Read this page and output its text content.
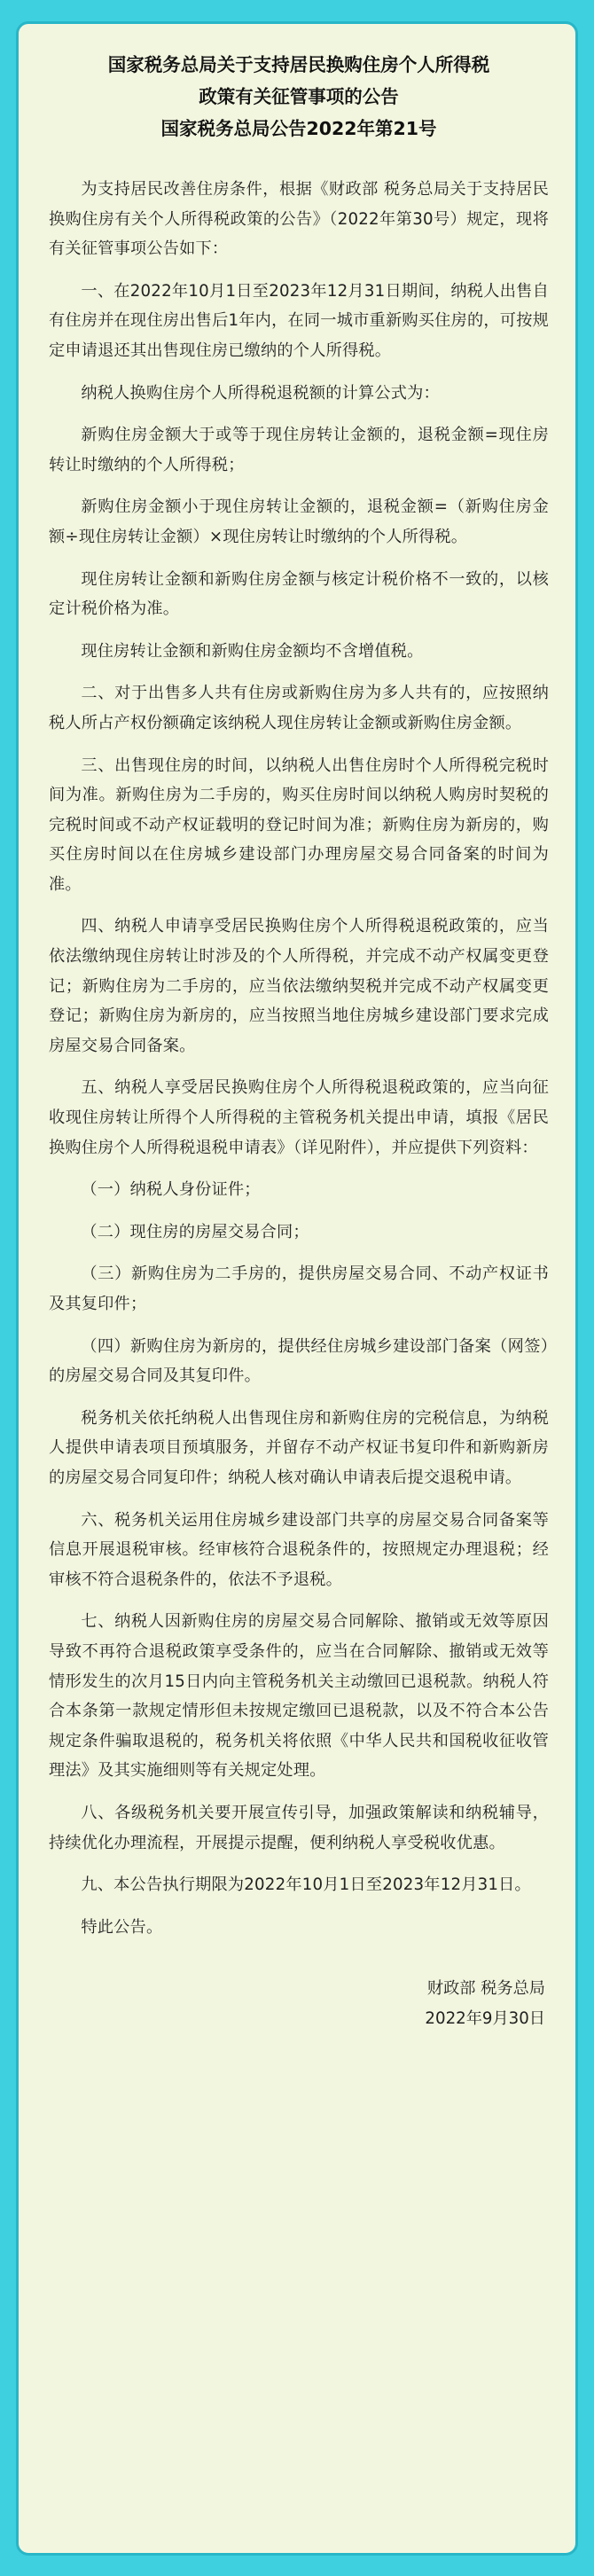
国家税务总局关于支持居民换购住房个人所得税
政策有关征管事项的公告
国家税务总局公告2022年第21号

为支持居民改善住房条件，根据《财政部 税务总局关于支持居民换购住房有关个人所得税政策的公告》（2022年第30号）规定，现将有关征管事项公告如下：

一、在2022年10月1日至2023年12月31日期间，纳税人出售自有住房并在现住房出售后1年内，在同一城市重新购买住房的，可按规定申请退还其出售现住房已缴纳的个人所得税。

纳税人换购住房个人所得税退税额的计算公式为：

新购住房金额大于或等于现住房转让金额的，退税金额=现住房转让时缴纳的个人所得税；

新购住房金额小于现住房转让金额的，退税金额=（新购住房金额÷现住房转让金额）×现住房转让时缴纳的个人所得税。

现住房转让金额和新购住房金额与核定计税价格不一致的，以核定计税价格为准。

现住房转让金额和新购住房金额均不含增值税。

二、对于出售多人共有住房或新购住房为多人共有的，应按照纳税人所占产权份额确定该纳税人现住房转让金额或新购住房金额。

三、出售现住房的时间，以纳税人出售住房时个人所得税完税时间为准。新购住房为二手房的，购买住房时间以纳税人购房时契税的完税时间或不动产权证载明的登记时间为准；新购住房为新房的，购买住房时间以在住房城乡建设部门办理房屋交易合同备案的时间为准。

四、纳税人申请享受居民换购住房个人所得税退税政策的，应当依法缴纳现住房转让时涉及的个人所得税，并完成不动产权属变更登记；新购住房为二手房的，应当依法缴纳契税并完成不动产权属变更登记；新购住房为新房的，应当按照当地住房城乡建设部门要求完成房屋交易合同备案。

五、纳税人享受居民换购住房个人所得税退税政策的，应当向征收现住房转让所得个人所得税的主管税务机关提出申请，填报《居民换购住房个人所得税退税申请表》（详见附件），并应提供下列资料：

（一）纳税人身份证件；

（二）现住房的房屋交易合同；

（三）新购住房为二手房的，提供房屋交易合同、不动产权证书及其复印件；

（四）新购住房为新房的，提供经住房城乡建设部门备案（网签）的房屋交易合同及其复印件。

税务机关依托纳税人出售现住房和新购住房的完税信息，为纳税人提供申请表项目预填服务，并留存不动产权证书复印件和新购新房的房屋交易合同复印件；纳税人核对确认申请表后提交退税申请。

六、税务机关运用住房城乡建设部门共享的房屋交易合同备案等信息开展退税审核。经审核符合退税条件的，按照规定办理退税；经审核不符合退税条件的，依法不予退税。

七、纳税人因新购住房的房屋交易合同解除、撤销或无效等原因导致不再符合退税政策享受条件的，应当在合同解除、撤销或无效等情形发生的次月15日内向主管税务机关主动缴回已退税款。纳税人符合本条第一款规定情形但未按规定缴回已退税款，以及不符合本公告规定条件骗取退税的，税务机关将依照《中华人民共和国税收征收管理法》及其实施细则等有关规定处理。

八、各级税务机关要开展宣传引导，加强政策解读和纳税辅导，持续优化办理流程，开展提示提醒，便利纳税人享受税收优惠。

九、本公告执行期限为2022年10月1日至2023年12月31日。

特此公告。

财政部 税务总局
2022年9月30日
